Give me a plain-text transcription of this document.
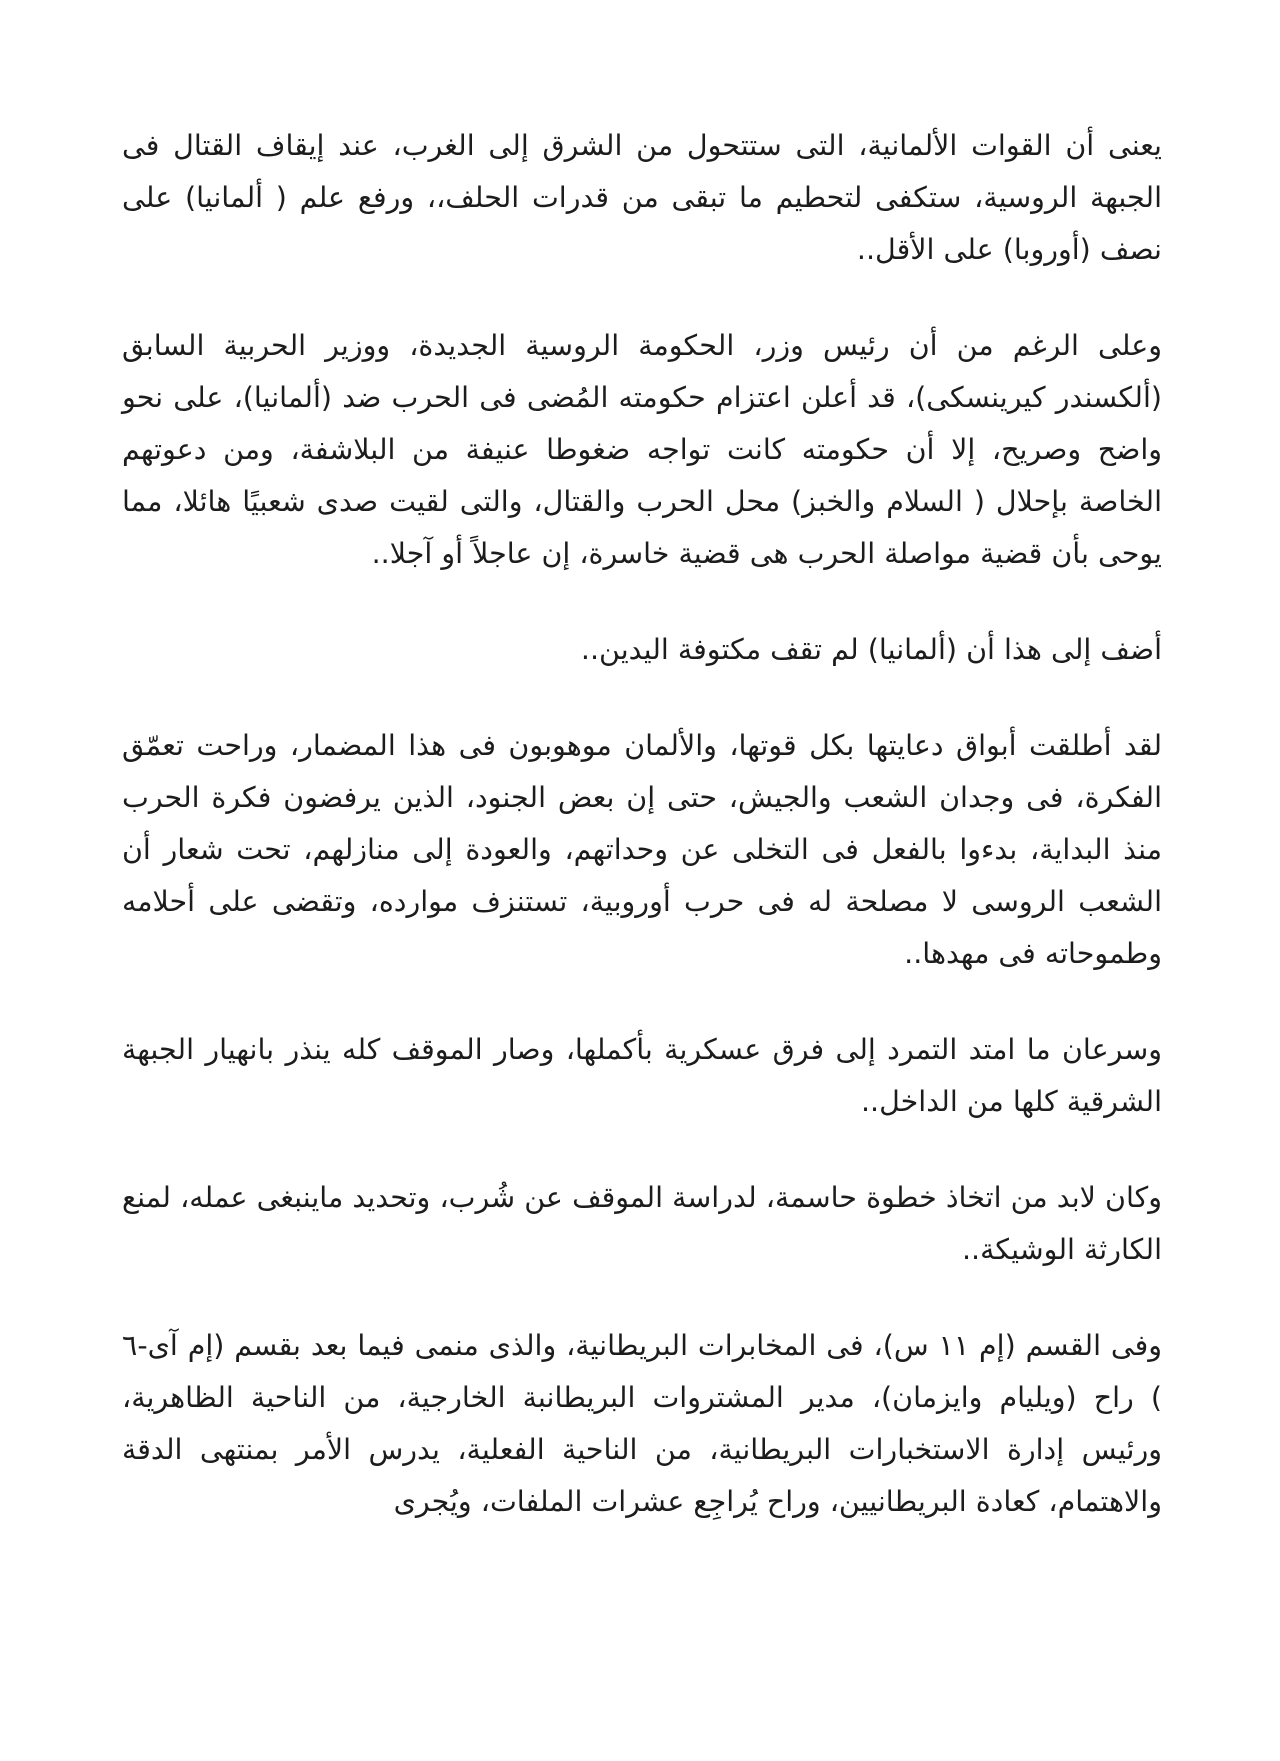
يعنى أن القوات الألمانية، التى ستتحول من الشرق إلى الغرب، عند إيقاف القتال فى الجبهة الروسية، ستكفى لتحطيم ما تبقى من قدرات الحلف،، ورفع علم ( ألمانيا) على نصف (أوروبا) على الأقل..

وعلى الرغم من أن رئيس وزر، الحكومة الروسية الجديدة، ووزير الحربية السابق (ألكسندر كيرينسكى)، قد أعلن اعتزام حكومته المُضى فى الحرب ضد (ألمانيا)، على نحو واضح وصريح، إلا أن حكومته كانت تواجه ضغوطا عنيفة من البلاشفة، ومن دعوتهم الخاصة بإحلال ( السلام والخبز) محل الحرب والقتال، والتى لقيت صدى شعبيًا هائلا، مما يوحى بأن قضية مواصلة الحرب هى قضية خاسرة، إن عاجلاً أو آجلا..

أضف إلى هذا أن (ألمانيا) لم تقف مكتوفة اليدين..

لقد أطلقت أبواق دعايتها بكل قوتها، والألمان موهوبون فى هذا المضمار، وراحت تعمّق الفكرة، فى وجدان الشعب والجيش، حتى إن بعض الجنود، الذين يرفضون فكرة الحرب منذ البداية، بدءوا بالفعل فى التخلى عن وحداتهم، والعودة إلى منازلهم، تحت شعار أن الشعب الروسى لا مصلحة له فى حرب أوروبية، تستنزف موارده، وتقضى على أحلامه وطموحاته فى مهدها..

وسرعان ما امتد التمرد إلى فرق عسكرية بأكملها، وصار الموقف كله ينذر بانهيار الجبهة الشرقية كلها من الداخل..

وكان لابد من اتخاذ خطوة حاسمة، لدراسة الموقف عن شُرب، وتحديد ماينبغى عمله، لمنع الكارثة الوشيكة..

وفى القسم (إم ١١ س)، فى المخابرات البريطانية، والذى منمى فيما بعد بقسم (إم آى-٦ ) راح (ويليام وايزمان)، مدير المشتروات البريطانبة الخارجية، من الناحية الظاهرية، ورئيس إدارة الاستخبارات البريطانية، من الناحية الفعلية، يدرس الأمر بمنتهى الدقة والاهتمام، كعادة البريطانيين، وراح يُراجِع عشرات الملفات، ويُجرى
